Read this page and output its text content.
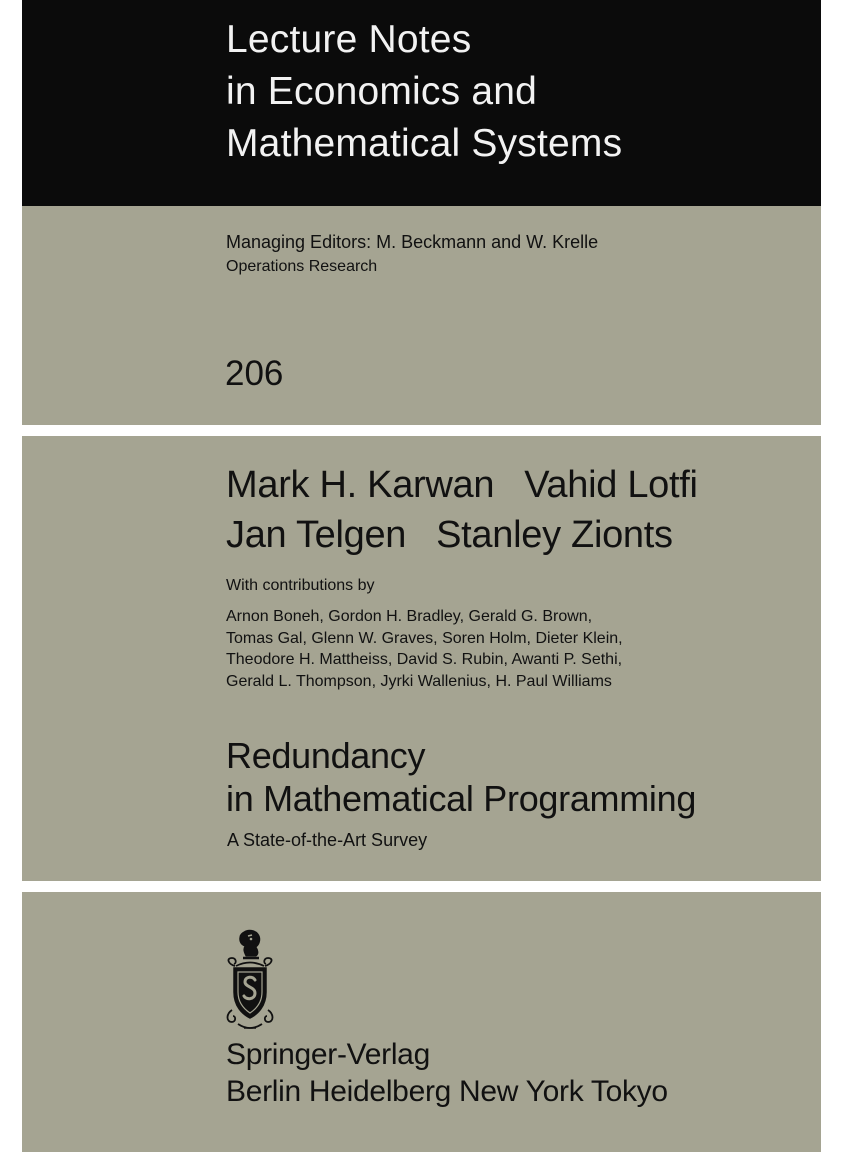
Lecture Notes
in Economics and
Mathematical Systems
Managing Editors: M. Beckmann and W. Krelle
Operations Research
206
Mark H. Karwan Vahid Lotfi
Jan Telgen Stanley Zionts
With contributions by
Arnon Boneh, Gordon H. Bradley, Gerald G. Brown,
Tomas Gal, Glenn W. Graves, Soren Holm, Dieter Klein,
Theodore H. Mattheiss, David S. Rubin, Awanti P. Sethi,
Gerald L. Thompson, Jyrki Wallenius, H. Paul Williams
Redundancy
in Mathematical Programming
A State-of-the-Art Survey
Springer-Verlag
Berlin Heidelberg New York Tokyo
